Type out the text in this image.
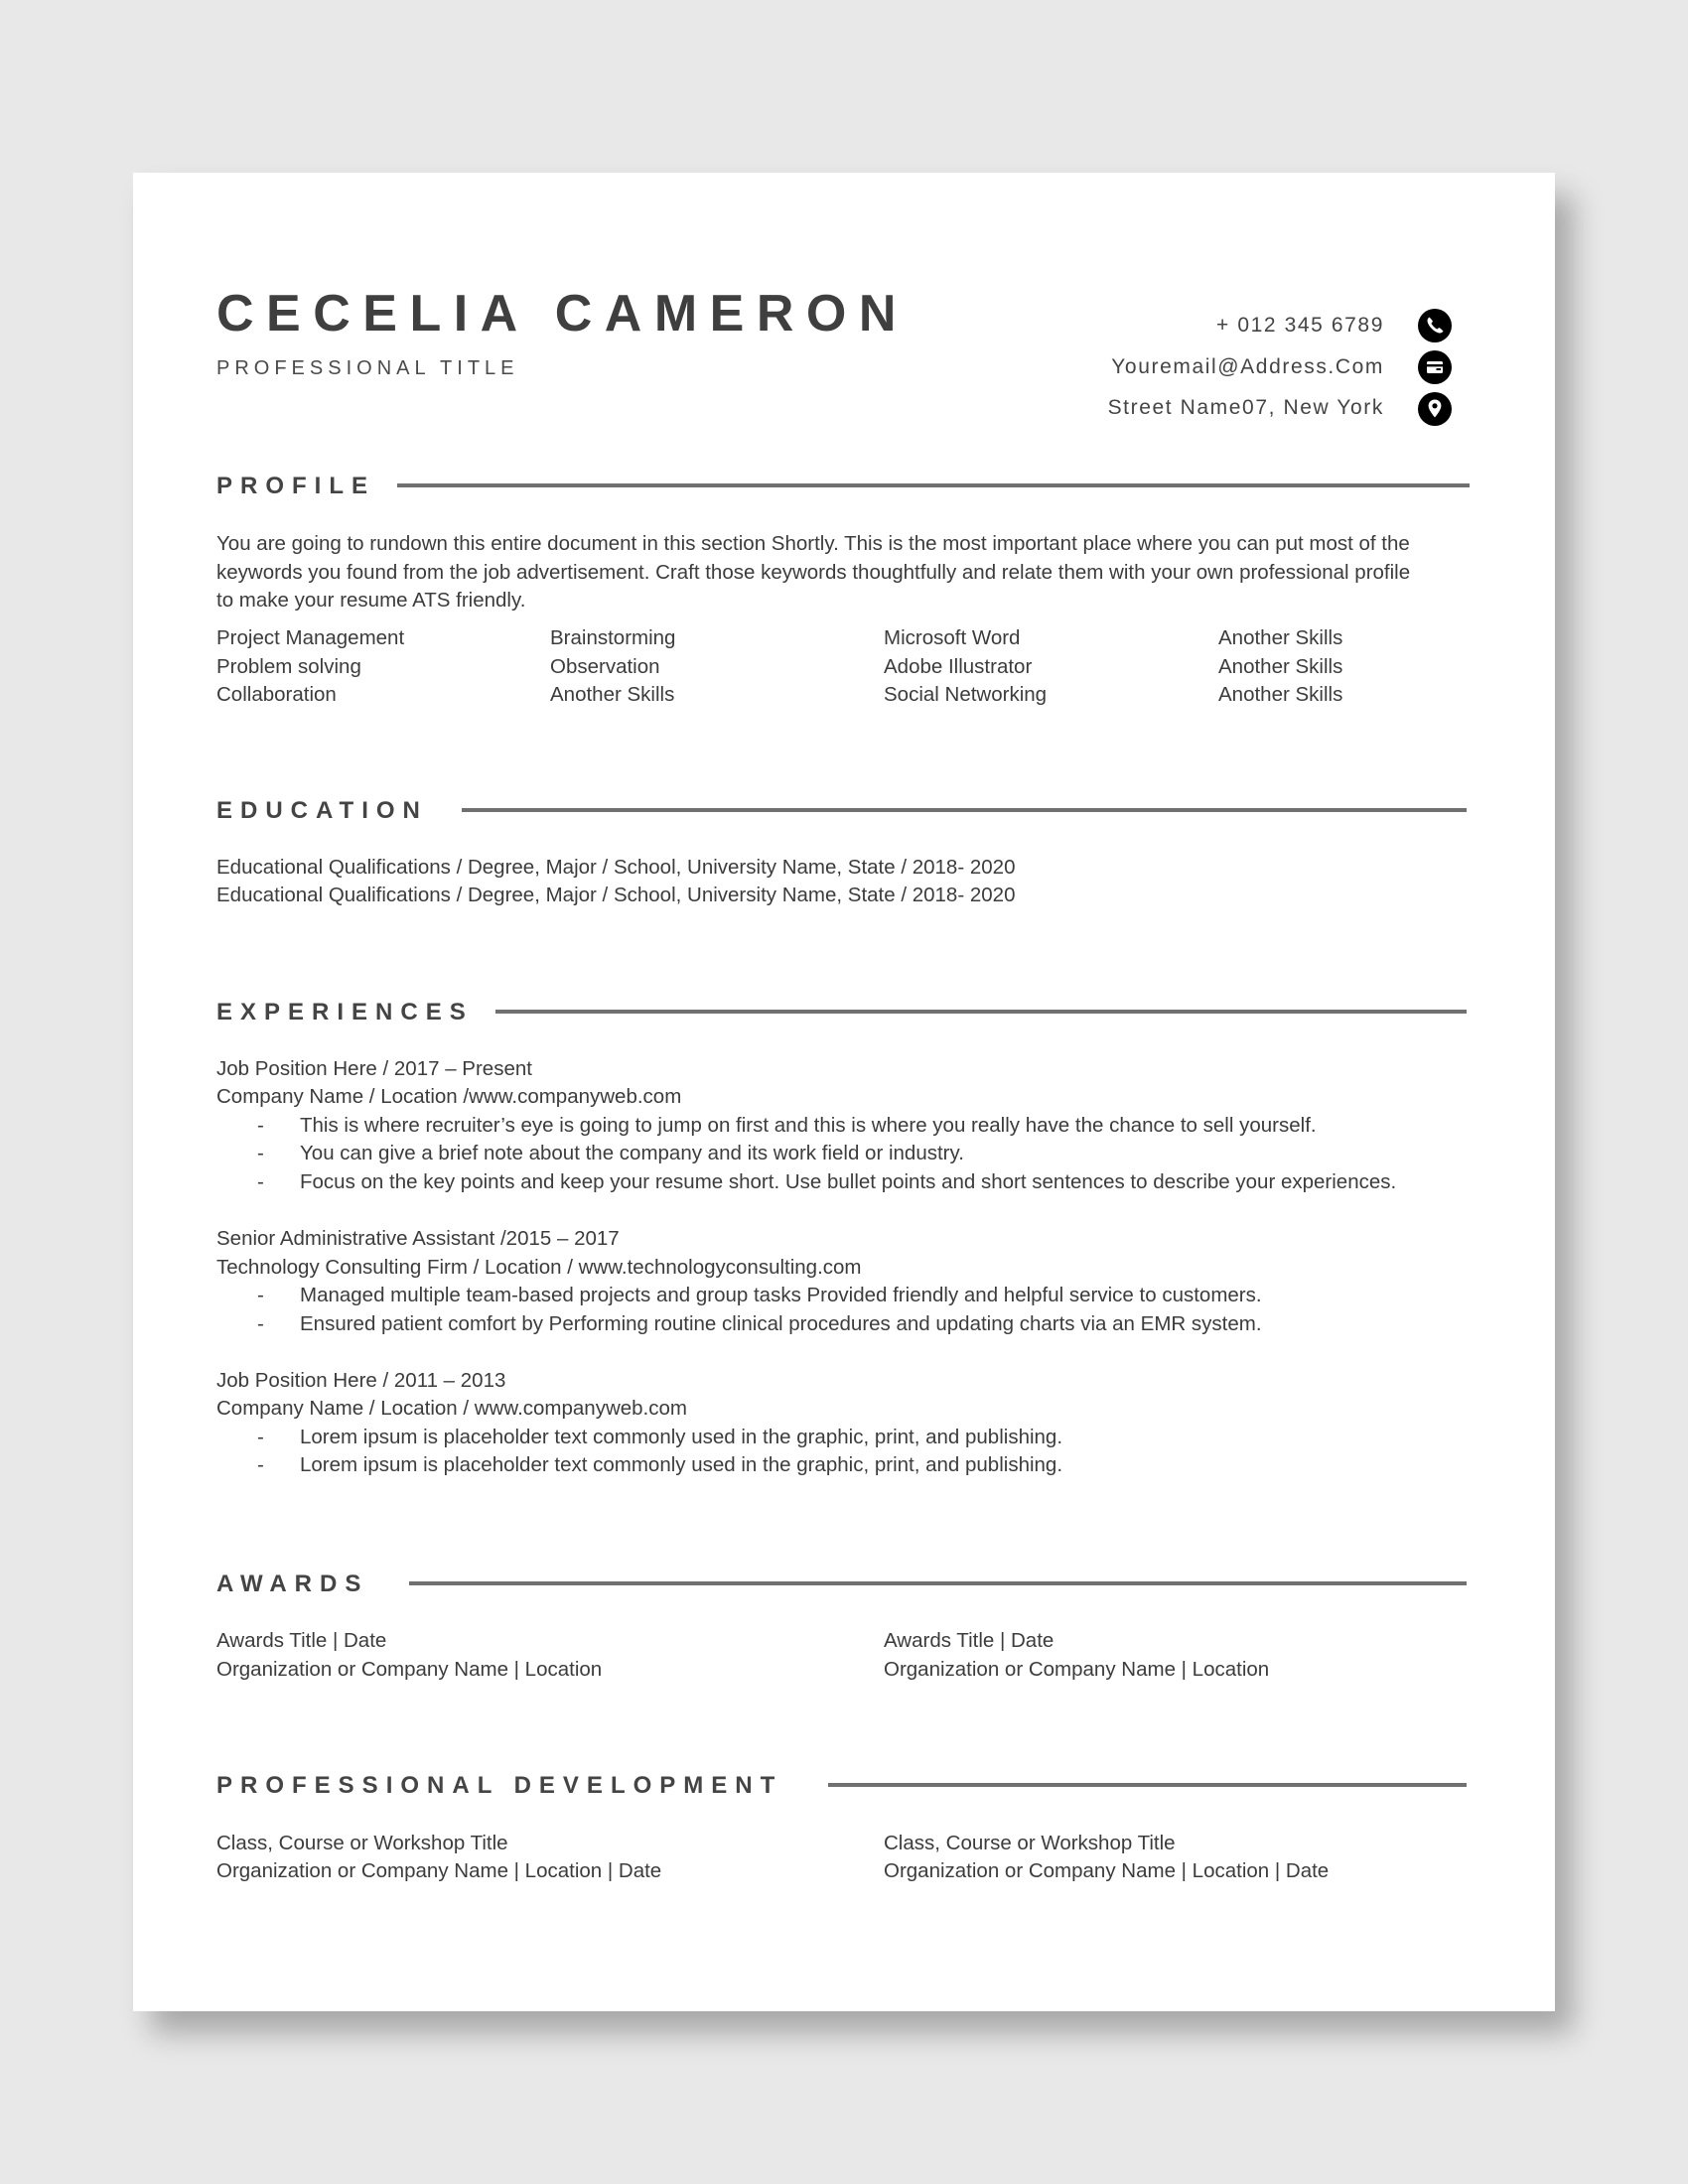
CECELIA CAMERON
PROFESSIONAL TITLE
+ 012 345 6789
Youremail@Address.Com
Street Name07, New York
PROFILE
You are going to rundown this entire document in this section Shortly. This is the most important place where you can put most of the keywords you found from the job advertisement. Craft those keywords thoughtfully and relate them with your own professional profile to make your resume ATS friendly.
Project Management
Problem solving
Collaboration
Brainstorming
Observation
Another Skills
Microsoft Word
Adobe Illustrator
Social Networking
Another Skills
Another Skills
Another Skills
EDUCATION
Educational Qualifications / Degree, Major / School, University Name, State / 2018- 2020
Educational Qualifications / Degree, Major / School, University Name, State / 2018- 2020
EXPERIENCES
Job Position Here / 2017 – Present
Company Name / Location /www.companyweb.com
- This is where recruiter’s eye is going to jump on first and this is where you really have the chance to sell yourself.
- You can give a brief note about the company and its work field or industry.
- Focus on the key points and keep your resume short. Use bullet points and short sentences to describe your experiences.
Senior Administrative Assistant /2015 – 2017
Technology Consulting Firm / Location / www.technologyconsulting.com
- Managed multiple team-based projects and group tasks Provided friendly and helpful service to customers.
- Ensured patient comfort by Performing routine clinical procedures and updating charts via an EMR system.
Job Position Here / 2011 – 2013
Company Name / Location / www.companyweb.com
- Lorem ipsum is placeholder text commonly used in the graphic, print, and publishing.
- Lorem ipsum is placeholder text commonly used in the graphic, print, and publishing.
AWARDS
Awards Title | Date
Organization or Company Name | Location
Awards Title | Date
Organization or Company Name | Location
PROFESSIONAL DEVELOPMENT
Class, Course or Workshop Title
Organization or Company Name | Location | Date
Class, Course or Workshop Title
Organization or Company Name | Location | Date
